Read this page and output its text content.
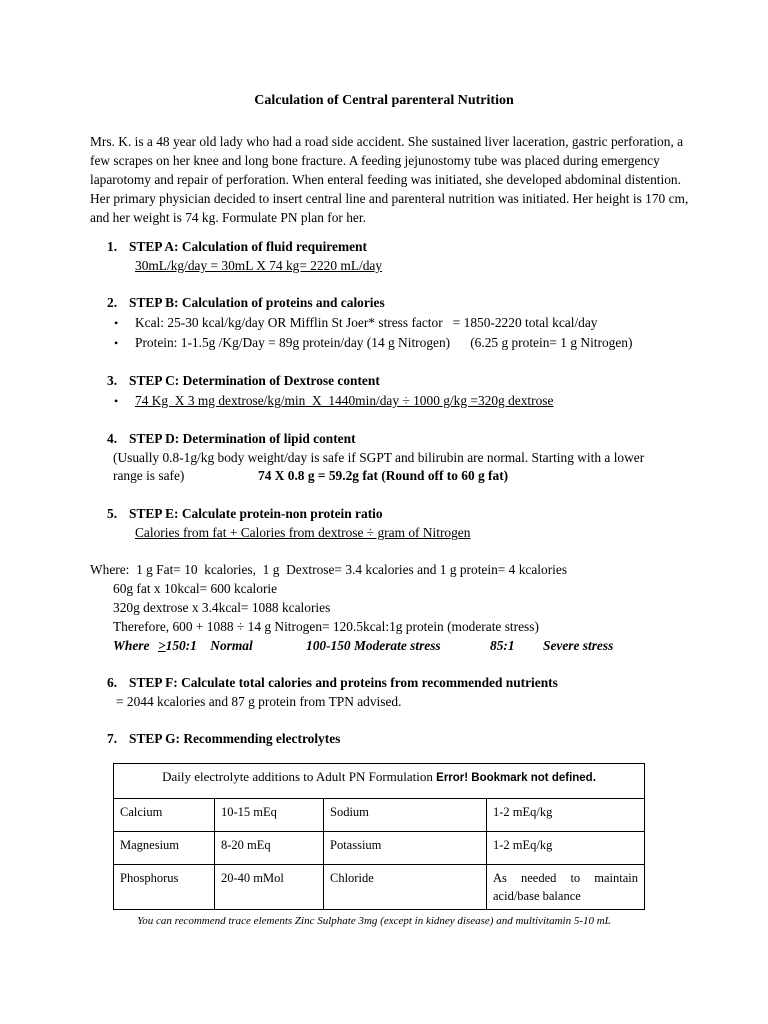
Calculation of Central parenteral Nutrition
Mrs. K. is a 48 year old lady who had a road side accident. She sustained liver laceration, gastric perforation, a few scrapes on her knee and long bone fracture. A feeding jejunostomy tube was placed during emergency laparotomy and repair of perforation. When enteral feeding was initiated, she developed abdominal distention. Her primary physician decided to insert central line and parenteral nutrition was initiated. Her height is 170 cm, and her weight is 74 kg. Formulate PN plan for her.
1. STEP A: Calculation of fluid requirement
30mL/kg/day = 30mL X 74 kg= 2220 mL/day
2. STEP B: Calculation of proteins and calories
• Kcal: 25-30 kcal/kg/day OR Mifflin St Joer* stress factor   = 1850-2220 total kcal/day
• Protein: 1-1.5g /Kg/Day = 89g protein/day (14 g Nitrogen)      (6.25 g protein= 1 g Nitrogen)
3. STEP C: Determination of Dextrose content
• 74 Kg  X 3 mg dextrose/kg/min  X  1440min/day ÷ 1000 g/kg =320g dextrose
4. STEP D: Determination of lipid content
(Usually 0.8-1g/kg body weight/day is safe if SGPT and bilirubin are normal. Starting with a lower
range is safe)	74 X 0.8 g = 59.2g fat (Round off to 60 g fat)
5. STEP E: Calculate protein-non protein ratio
Calories from fat + Calories from dextrose ÷ gram of Nitrogen
Where:  1 g Fat= 10  kcalories,  1 g  Dextrose= 3.4 kcalories and 1 g protein= 4 kcalories
60g fat x 10kcal= 600 kcalorie
320g dextrose x 3.4kcal= 1088 kcalories
Therefore, 600 + 1088 ÷ 14 g Nitrogen= 120.5kcal:1g protein (moderate stress)
Where >150:1    Normal	100-150 Moderate stress	85:1 Severe stress
6. STEP F: Calculate total calories and proteins from recommended nutrients
= 2044 kcalories and 87 g protein from TPN advised.
7. STEP G: Recommending electrolytes
Daily electrolyte additions to Adult PN Formulation Error! Bookmark not defined.			
Calcium	10-15 mEq	Sodium	1-2 mEq/kg
Magnesium	8-20 mEq	Potassium	1-2 mEq/kg
Phosphorus	20-40 mMol	Chloride	As needed to maintain
acid/base balance
You can recommend trace elements Zinc Sulphate 3mg (except in kidney disease) and multivitamin 5-10 mL
